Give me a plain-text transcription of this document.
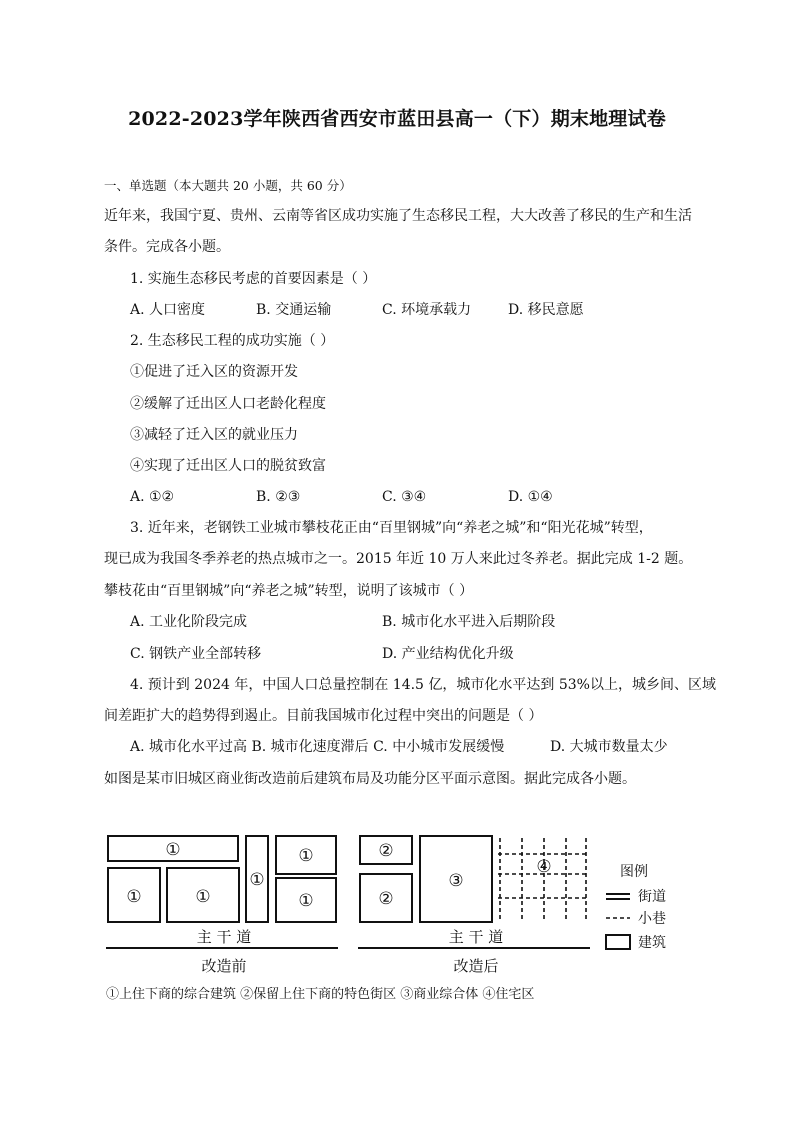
2022-2023学年陕西省西安市蓝田县高一（下）期末地理试卷
一、单选题（本大题共 20 小题，共 60 分）
近年来，我国宁夏、贵州、云南等省区成功实施了生态移民工程，大大改善了移民的生产和生活
条件。完成各小题。
1. 实施生态移民考虑的首要因素是（ ）
A. 人口密度	B. 交通运输	C. 环境承载力	D. 移民意愿
2. 生态移民工程的成功实施（ ）
①促进了迁入区的资源开发
②缓解了迁出区人口老龄化程度
③减轻了迁入区的就业压力
④实现了迁出区人口的脱贫致富
A. ①②	B. ②③	C. ③④	D. ①④
3. 近年来，老钢铁工业城市攀枝花正由“百里钢城”向“养老之城”和“阳光花城”转型，
现已成为我国冬季养老的热点城市之一。2015 年近 10 万人来此过冬养老。据此完成 1-2 题。
攀枝花由“百里钢城”向“养老之城”转型，说明了该城市（ ）
A. 工业化阶段完成	B. 城市化水平进入后期阶段
C. 钢铁产业全部转移	D. 产业结构优化升级
4. 预计到 2024 年，中国人口总量控制在 14.5 亿，城市化水平达到 53%以上，城乡间、区域
间差距扩大的趋势得到遏止。目前我国城市化过程中突出的问题是（ ）
A. 城市化水平过高 B. 城市化速度滞后 C. 中小城市发展缓慢	D. 大城市数量太少
如图是某市旧城区商业街改造前后建筑布局及功能分区平面示意图。据此完成各小题。
①
①	①
①
①
①
②
②
③
④
主 干 道	主 干 道
改造前	改造后
图例
街道
小巷
建筑
①上住下商的综合建筑 ②保留上住下商的特色街区 ③商业综合体 ④住宅区
